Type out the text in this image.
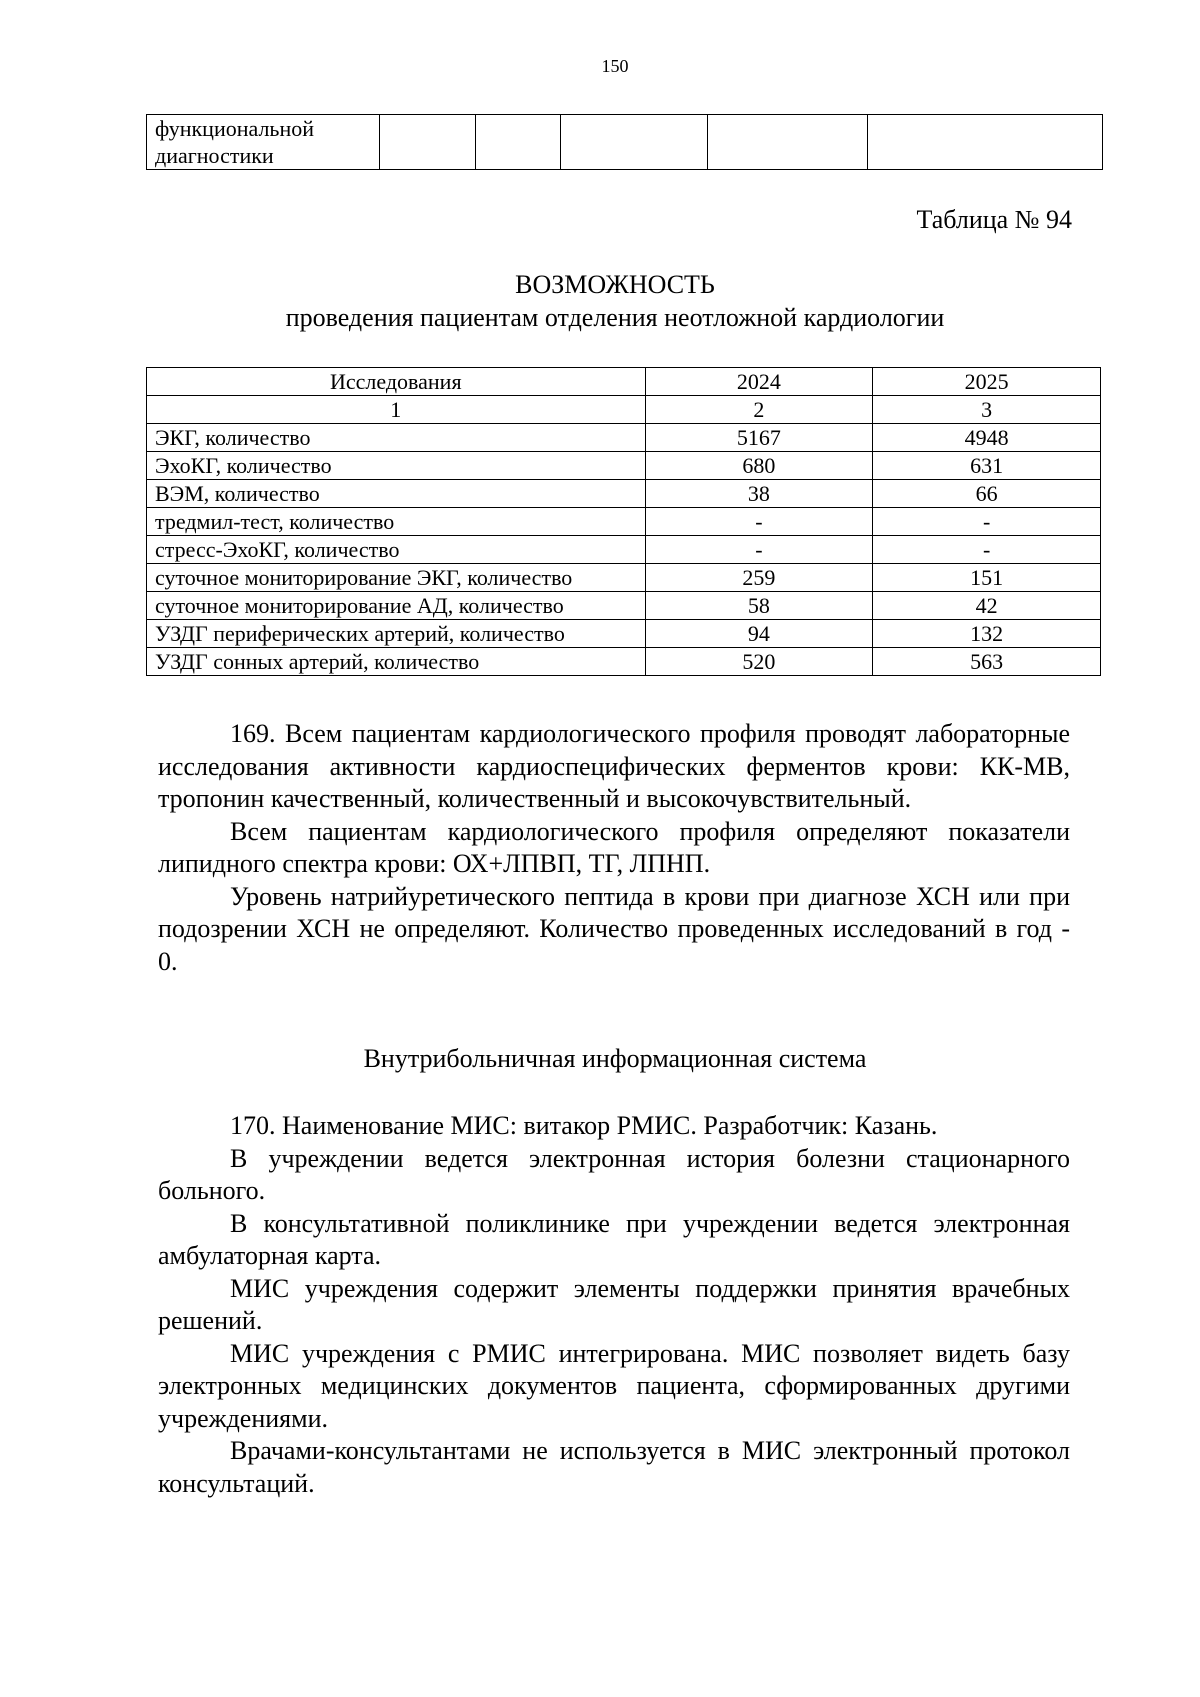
150
функциональной диагностики					
Таблица № 94
ВОЗМОЖНОСТЬ
проведения пациентам отделения неотложной кардиологии
Исследования	2024	2025
1	2	3
ЭКГ, количество	5167	4948
ЭхоКГ, количество	680	631
ВЭМ, количество	38	66
тредмил-тест, количество	-	-
стресс-ЭхоКГ, количество	-	-
суточное мониторирование ЭКГ, количество	259	151
суточное мониторирование АД, количество	58	42
УЗДГ периферических артерий, количество	94	132
УЗДГ сонных артерий, количество	520	563

169. Всем пациентам кардиологического профиля проводят лабораторные исследования активности кардиоспецифических ферментов крови: КК-МВ, тропонин качественный, количественный и высокочувствительный.

Всем пациентам кардиологического профиля определяют показатели липидного спектра крови: ОХ+ЛПВП, ТГ, ЛПНП.

Уровень натрийуретического пептида в крови при диагнозе ХСН или при подозрении ХСН не определяют. Количество проведенных исследований в год - 0.

Внутрибольничная информационная система

170. Наименование МИС: витакор РМИС. Разработчик: Казань.

В учреждении ведется электронная история болезни стационарного больного.

В консультативной поликлинике при учреждении ведется электронная амбулаторная карта.

МИС учреждения содержит элементы поддержки принятия врачебных решений.

МИС учреждения с РМИС интегрирована. МИС позволяет видеть базу электронных медицинских документов пациента, сформированных другими учреждениями.

Врачами-консультантами не используется в МИС электронный протокол консультаций.
